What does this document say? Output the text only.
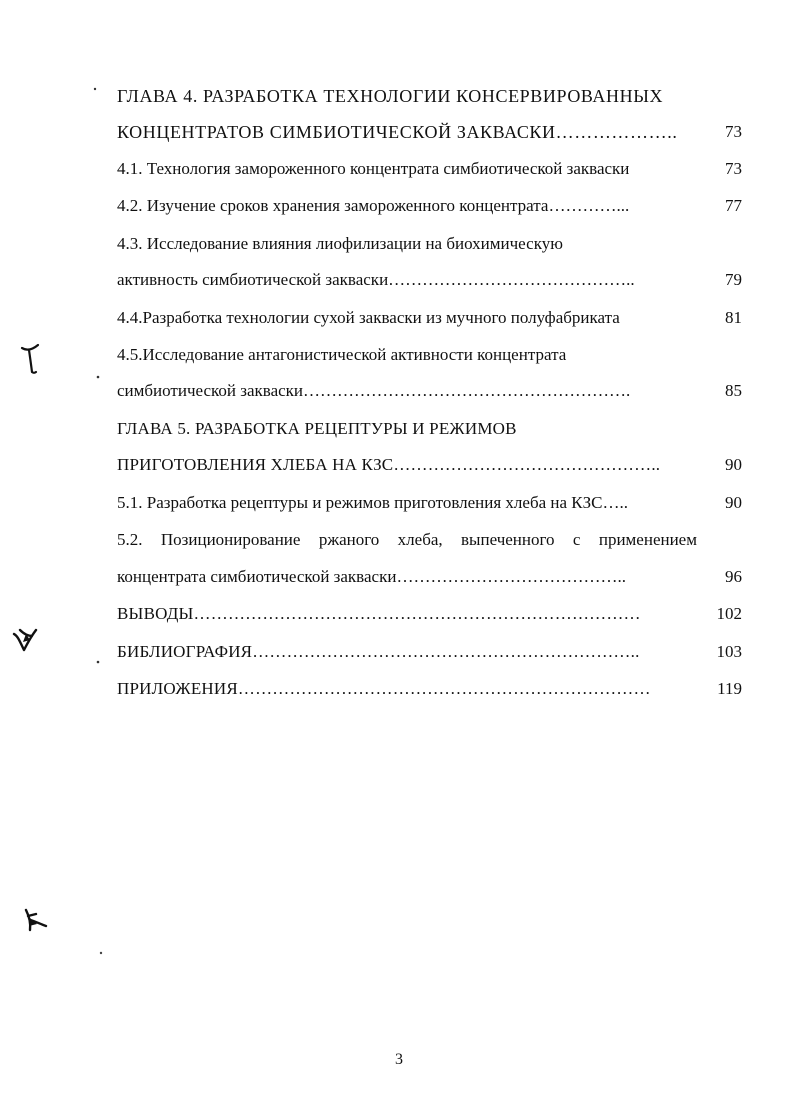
ГЛАВА 4. РАЗРАБОТКА ТЕХНОЛОГИИ КОНСЕРВИРОВАННЫХ
КОНЦЕНТРАТОВ СИМБИОТИЧЕСКОЙ ЗАКВАСКИ………………..	73
4.1. Технология замороженного концентрата симбиотической закваски	73
4.2. Изучение сроков хранения замороженного концентрата…………...	77
4.3. Исследование влияния лиофилизации на биохимическую
активность симбиотической закваски……………………………………..	79
4.4.Разработка технологии сухой закваски из мучного полуфабриката	81
4.5.Исследование антагонистической активности концентрата
симбиотической закваски………………………………………………….	85
ГЛАВА 5. РАЗРАБОТКА РЕЦЕПТУРЫ И РЕЖИМОВ
ПРИГОТОВЛЕНИЯ ХЛЕБА НА КЗС………………………………………..	90
5.1. Разработка рецептуры и режимов приготовления хлеба на КЗС…..	90
5.2. Позиционирование ржаного хлеба, выпеченного с применением
концентрата симбиотической закваски…………………………………..	96
ВЫВОДЫ……………………………………………………………………	102
БИБЛИОГРАФИЯ…………………………………………………………..	103
ПРИЛОЖЕНИЯ………………………………………………………………	119
3
